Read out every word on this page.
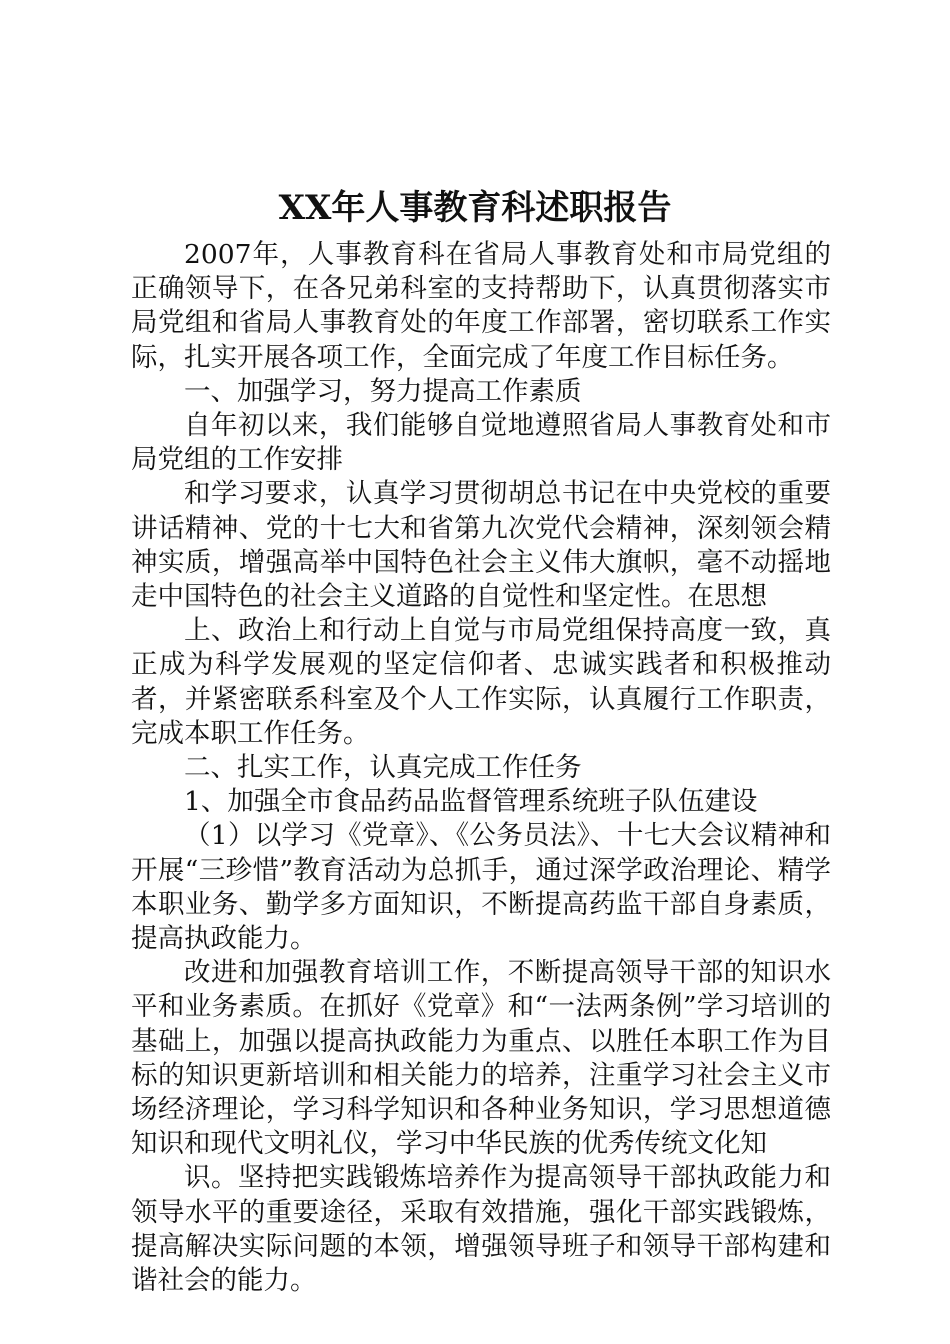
XX年人事教育科述职报告

2007年，人事教育科在省局人事教育处和市局党组的正确领导下，在各兄弟科室的支持帮助下，认真贯彻落实市局党组和省局人事教育处的年度工作部署，密切联系工作实际，扎实开展各项工作，全面完成了年度工作目标任务。

一、加强学习，努力提高工作素质

自年初以来，我们能够自觉地遵照省局人事教育处和市局党组的工作安排

和学习要求，认真学习贯彻胡总书记在中央党校的重要讲话精神、党的十七大和省第九次党代会精神，深刻领会精神实质，增强高举中国特色社会主义伟大旗帜，毫不动摇地走中国特色的社会主义道路的自觉性和坚定性。在思想

上、政治上和行动上自觉与市局党组保持高度一致，真正成为科学发展观的坚定信仰者、忠诚实践者和积极推动者，并紧密联系科室及个人工作实际，认真履行工作职责，完成本职工作任务。

二、扎实工作，认真完成工作任务

1、加强全市食品药品监督管理系统班子队伍建设

（1）以学习《党章》、《公务员法》、十七大会议精神和开展“三珍惜”教育活动为总抓手，通过深学政治理论、精学本职业务、勤学多方面知识，不断提高药监干部自身素质，提高执政能力。

改进和加强教育培训工作，不断提高领导干部的知识水平和业务素质。在抓好《党章》和“一法两条例”学习培训的基础上，加强以提高执政能力为重点、以胜任本职工作为目标的知识更新培训和相关能力的培养，注重学习社会主义市场经济理论，学习科学知识和各种业务知识，学习思想道德知识和现代文明礼仪，学习中华民族的优秀传统文化知

识。坚持把实践锻炼培养作为提高领导干部执政能力和领导水平的重要途径，采取有效措施，强化干部实践锻炼，提高解决实际问题的本领，增强领导班子和领导干部构建和谐社会的能力。
